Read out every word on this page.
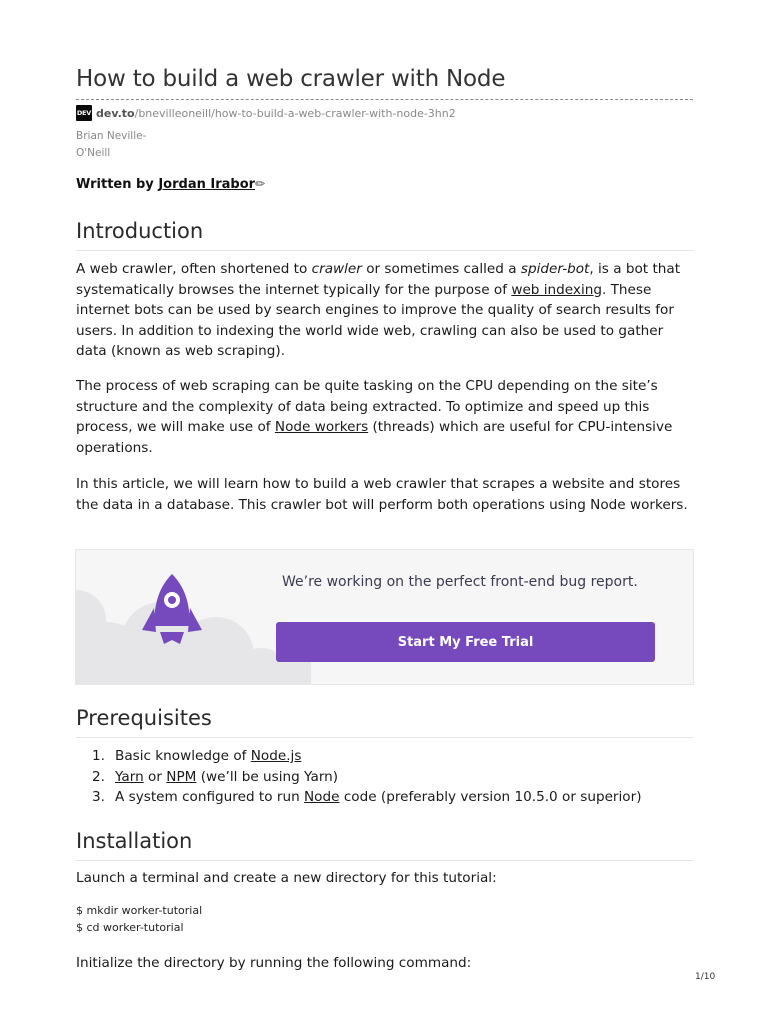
How to build a web crawler with Node
DEV dev.to /bnevilleoneill/how-to-build-a-web-crawler-with-node-3hn2
Brian Neville-
O'Neill
Written by Jordan Irabor✏
Introduction
A web crawler, often shortened to crawler or sometimes called a spider-bot, is a bot that systematically browses the internet typically for the purpose of web indexing. These internet bots can be used by search engines to improve the quality of search results for users. In addition to indexing the world wide web, crawling can also be used to gather data (known as web scraping).
The process of web scraping can be quite tasking on the CPU depending on the site’s structure and the complexity of data being extracted. To optimize and speed up this process, we will make use of Node workers (threads) which are useful for CPU-intensive operations.
In this article, we will learn how to build a web crawler that scrapes a website and stores the data in a database. This crawler bot will perform both operations using Node workers.
We’re working on the perfect front-end bug report.
Start My Free Trial
Prerequisites
1. Basic knowledge of Node.js
2. Yarn or NPM (we’ll be using Yarn)
3. A system configured to run Node code (preferably version 10.5.0 or superior)
Installation
Launch a terminal and create a new directory for this tutorial:
$ mkdir worker-tutorial
$ cd worker-tutorial
Initialize the directory by running the following command:
1/10
